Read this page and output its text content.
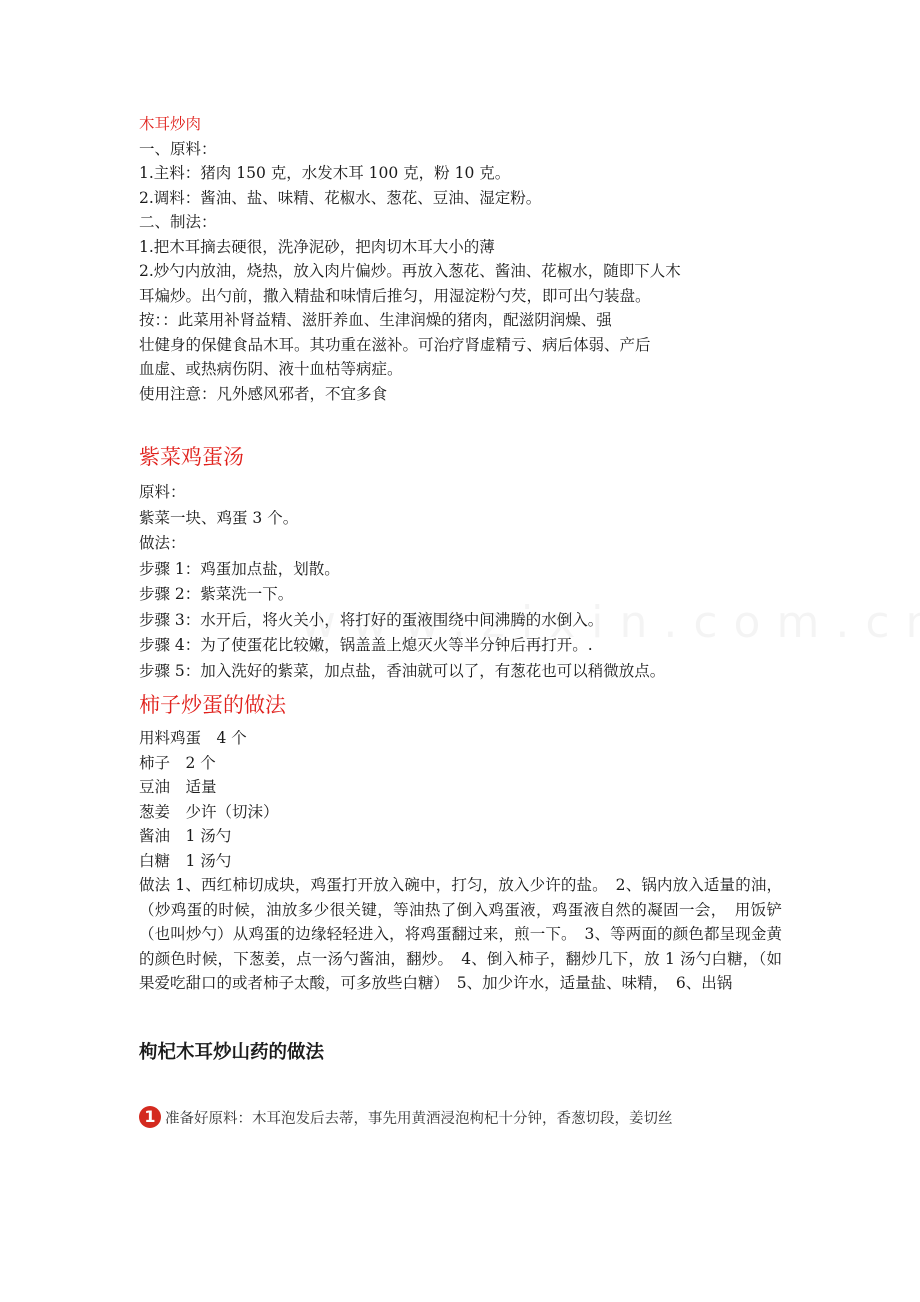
木耳炒肉
一、原料：
1.主料：猪肉 150 克，水发木耳 100 克，粉 10 克。
2.调料：酱油、盐、味精、花椒水、葱花、豆油、湿定粉。
二、制法：
1.把木耳摘去硬很，洗净泥砂，把肉切木耳大小的薄
2.炒勺内放油，烧热，放入肉片偏炒。再放入葱花、酱油、花椒水，随即下人木
耳煸炒。出勺前，撒入精盐和味情后推匀，用湿淀粉勺芡，即可出勺装盘。
按：：此菜用补肾益精、滋肝养血、生津润燥的猪肉，配滋阴润燥、强
壮健身的保健食品木耳。其功重在滋补。可治疗肾虚精亏、病后体弱、产后
血虚、或热病伤阴、液十血枯等病症。
使用注意：凡外感风邪者，不宜多食
紫菜鸡蛋汤
原料：
紫菜一块、鸡蛋 3 个。
做法：
步骤 1：鸡蛋加点盐，划散。
步骤 2：紫菜洗一下。
步骤 3：水开后，将火关小，将打好的蛋液围绕中间沸腾的水倒入。
步骤 4：为了使蛋花比较嫩，锅盖盖上熄灭火等半分钟后再打开。.
步骤 5：加入洗好的紫菜，加点盐，香油就可以了，有葱花也可以稍微放点。
柿子炒蛋的做法
用料鸡蛋　4 个
柿子　2 个
豆油　适量
葱姜　少许（切沫）
酱油　1 汤勺
白糖　1 汤勺
做法 1、西红柿切成块，鸡蛋打开放入碗中，打匀，放入少许的盐。　2、锅内放入适量的油，（炒鸡蛋的时候，油放多少很关键，等油热了倒入鸡蛋液，鸡蛋液自然的凝固一会，　用饭铲（也叫炒勺）从鸡蛋的边缘轻轻进入，将鸡蛋翻过来，煎一下。　3、等两面的颜色都呈现金黄的颜色时候，下葱姜，点一汤勺酱油，翻炒。　4、倒入柿子，翻炒几下，放 1 汤勺白糖，（如果爱吃甜口的或者柿子太酸，可多放些白糖）　5、加少许水，适量盐、味精，　6、出锅
枸杞木耳炒山药的做法
1 准备好原料：木耳泡发后去蒂，事先用黄酒浸泡枸杞十分钟，香葱切段，姜切丝
